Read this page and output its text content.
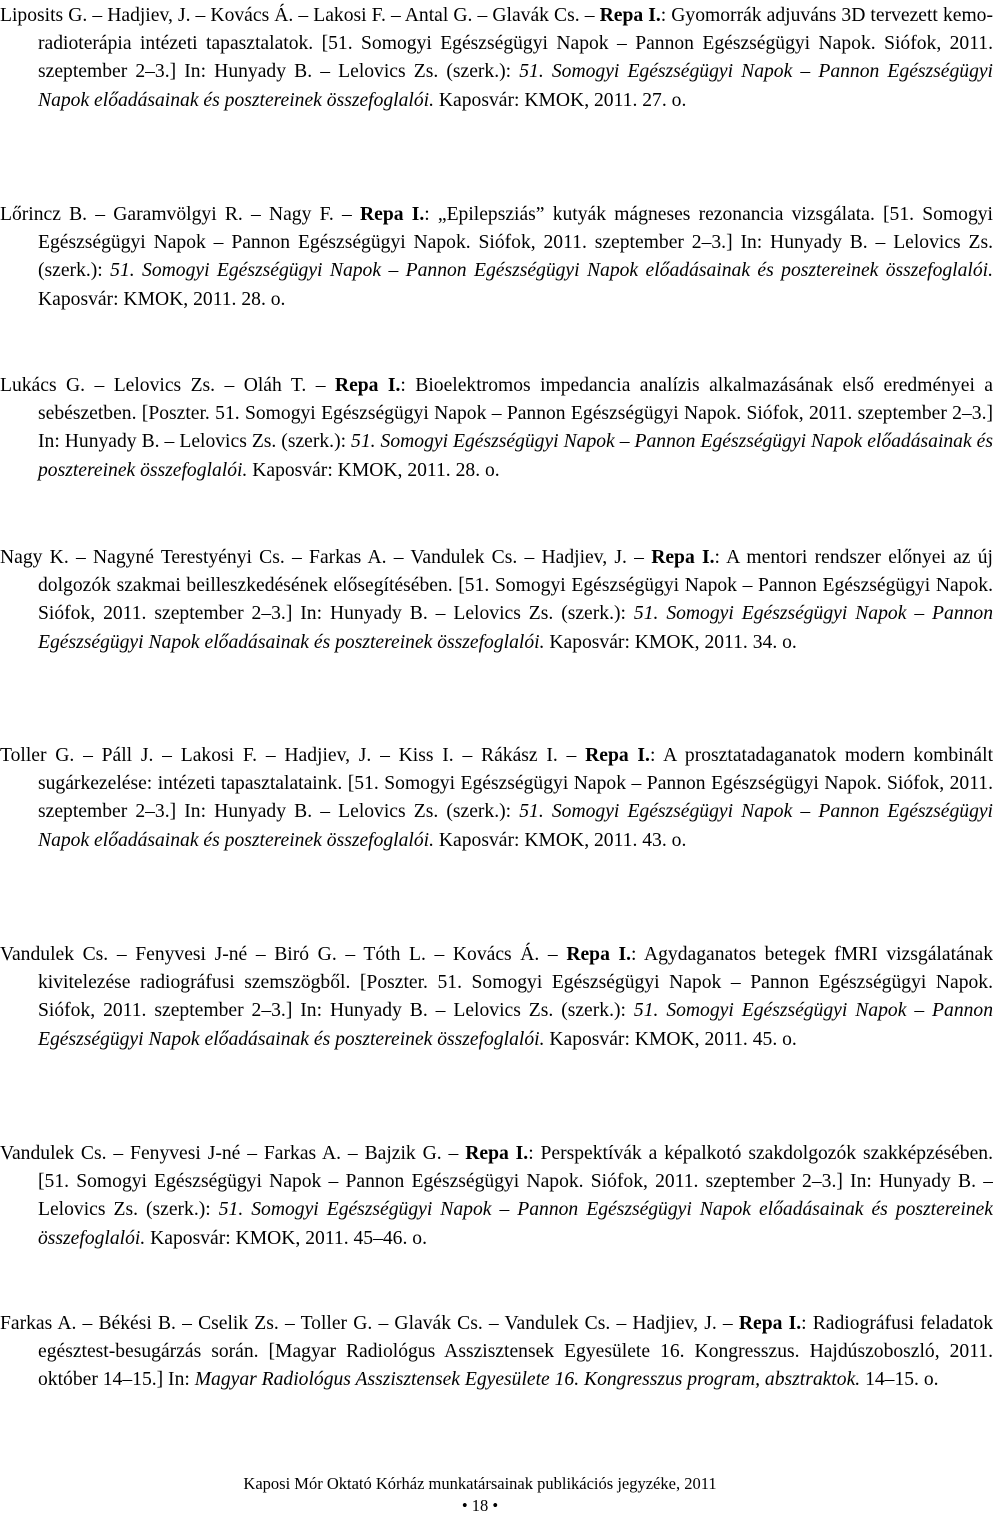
Liposits G. – Hadjiev, J. – Kovács Á. – Lakosi F. – Antal G. – Glavák Cs. – Repa I.: Gyomorrák adjuváns 3D tervezett kemo-radioterápia intézeti tapasztalatok. [51. Somogyi Egészségügyi Napok – Pannon Egészségügyi Napok. Siófok, 2011. szeptember 2–3.] In: Hunyady B. – Lelovics Zs. (szerk.): 51. Somogyi Egészségügyi Napok – Pannon Egészségügyi Napok előadásainak és posztereinek összefoglalói. Kaposvár: KMOK, 2011. 27. o.

Lőrincz B. – Garamvölgyi R. – Nagy F. – Repa I.: „Epilepsziás” kutyák mágneses rezonancia vizsgálata. [51. Somogyi Egészségügyi Napok – Pannon Egészségügyi Napok. Siófok, 2011. szeptember 2–3.] In: Hunyady B. – Lelovics Zs. (szerk.): 51. Somogyi Egészségügyi Napok – Pannon Egészségügyi Napok előadásainak és posztereinek összefoglalói. Kaposvár: KMOK, 2011. 28. o.

Lukács G. – Lelovics Zs. – Oláh T. – Repa I.: Bioelektromos impedancia analízis alkalmazásának első eredményei a sebészetben. [Poszter. 51. Somogyi Egészségügyi Napok – Pannon Egészségügyi Napok. Siófok, 2011. szeptember 2–3.] In: Hunyady B. – Lelovics Zs. (szerk.): 51. Somogyi Egészségügyi Napok – Pannon Egészségügyi Napok előadásainak és posztereinek összefoglalói. Kaposvár: KMOK, 2011. 28. o.

Nagy K. – Nagyné Terestyényi Cs. – Farkas A. – Vandulek Cs. – Hadjiev, J. – Repa I.: A mentori rendszer előnyei az új dolgozók szakmai beilleszkedésének elősegítésében. [51. Somogyi Egészségügyi Napok – Pannon Egészségügyi Napok. Siófok, 2011. szeptember 2–3.] In: Hunyady B. – Lelovics Zs. (szerk.): 51. Somogyi Egészségügyi Napok – Pannon Egészségügyi Napok előadásainak és posztereinek összefoglalói. Kaposvár: KMOK, 2011. 34. o.

Toller G. – Páll J. – Lakosi F. – Hadjiev, J. – Kiss I. – Rákász I. – Repa I.: A prosztatadaganatok modern kombinált sugárkezelése: intézeti tapasztalataink. [51. Somogyi Egészségügyi Napok – Pannon Egészségügyi Napok. Siófok, 2011. szeptember 2–3.] In: Hunyady B. – Lelovics Zs. (szerk.): 51. Somogyi Egészségügyi Napok – Pannon Egészségügyi Napok előadásainak és posztereinek összefoglalói. Kaposvár: KMOK, 2011. 43. o.

Vandulek Cs. – Fenyvesi J-né – Biró G. – Tóth L. – Kovács Á. – Repa I.: Agydaganatos betegek fMRI vizsgálatának kivitelezése radiográfusi szemszögből. [Poszter. 51. Somogyi Egészségügyi Napok – Pannon Egészségügyi Napok. Siófok, 2011. szeptember 2–3.] In: Hunyady B. – Lelovics Zs. (szerk.): 51. Somogyi Egészségügyi Napok – Pannon Egészségügyi Napok előadásainak és posztereinek összefoglalói. Kaposvár: KMOK, 2011. 45. o.

Vandulek Cs. – Fenyvesi J-né – Farkas A. – Bajzik G. – Repa I.: Perspektívák a képalkotó szakdolgozók szakképzésében. [51. Somogyi Egészségügyi Napok – Pannon Egészségügyi Napok. Siófok, 2011. szeptember 2–3.] In: Hunyady B. – Lelovics Zs. (szerk.): 51. Somogyi Egészségügyi Napok – Pannon Egészségügyi Napok előadásainak és posztereinek összefoglalói. Kaposvár: KMOK, 2011. 45–46. o.

Farkas A. – Békési B. – Cselik Zs. – Toller G. – Glavák Cs. – Vandulek Cs. – Hadjiev, J. – Repa I.: Radiográfusi feladatok egésztest-besugárzás során. [Magyar Radiológus Asszisztensek Egyesülete 16. Kongresszus. Hajdúszoboszló, 2011. október 14–15.] In: Magyar Radiológus Asszisztensek Egyesülete 16. Kongresszus program, absztraktok. 14–15. o.

Kaposi Mór Oktató Kórház munkatársainak publikációs jegyzéke, 2011
• 18 •
